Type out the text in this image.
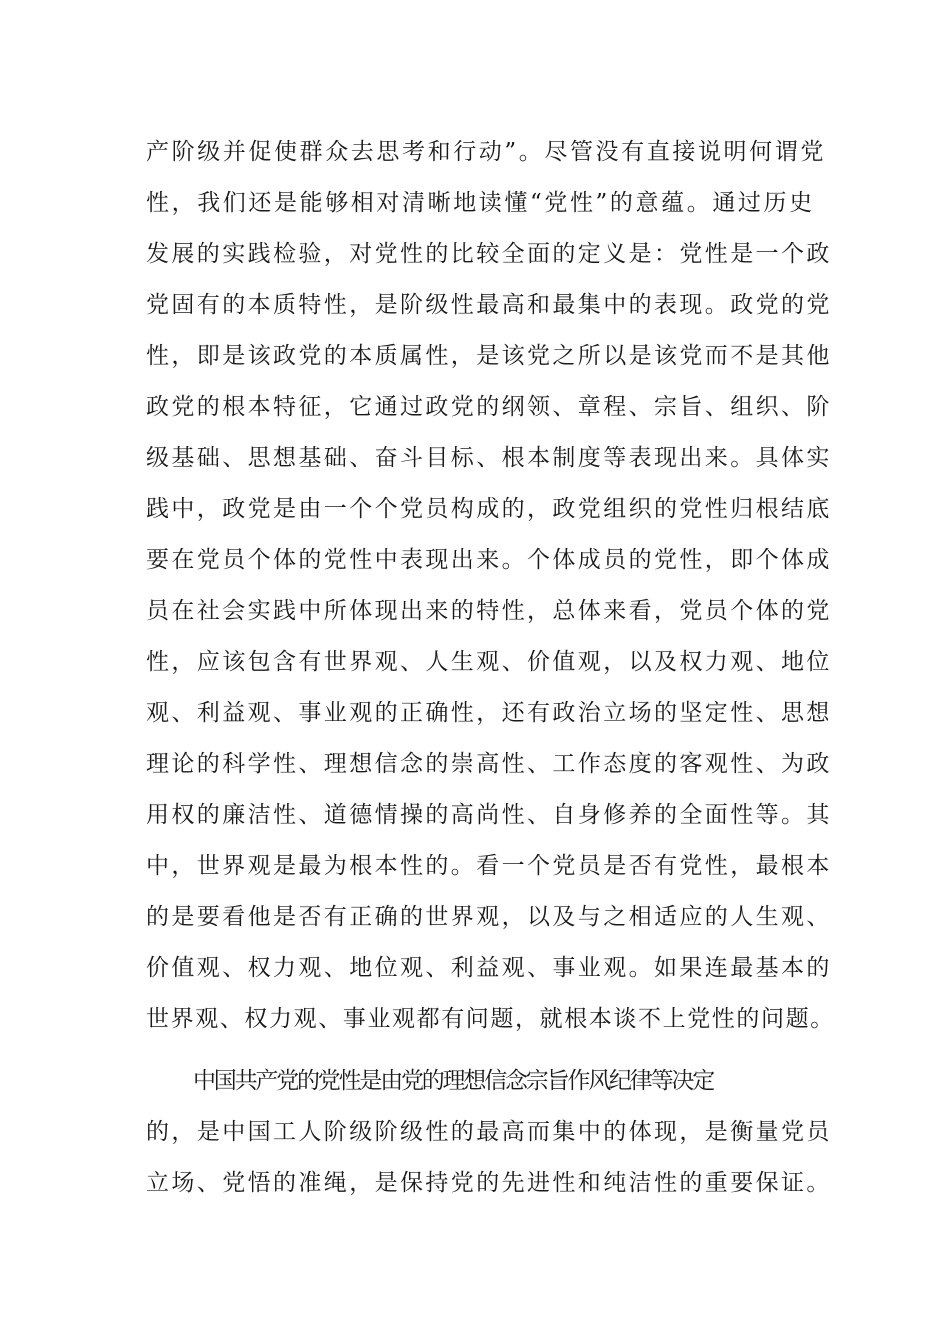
产阶级并促使群众去思考和行动”。尽管没有直接说明何谓党
性，我们还是能够相对清晰地读懂“党性”的意蕴。通过历史
发展的实践检验，对党性的比较全面的定义是：党性是一个政
党固有的本质特性，是阶级性最高和最集中的表现。政党的党
性，即是该政党的本质属性，是该党之所以是该党而不是其他
政党的根本特征，它通过政党的纲领、章程、宗旨、组织、阶
级基础、思想基础、奋斗目标、根本制度等表现出来。具体实
践中，政党是由一个个党员构成的，政党组织的党性归根结底
要在党员个体的党性中表现出来。个体成员的党性，即个体成
员在社会实践中所体现出来的特性，总体来看，党员个体的党
性，应该包含有世界观、人生观、价值观，以及权力观、地位
观、利益观、事业观的正确性，还有政治立场的坚定性、思想
理论的科学性、理想信念的崇高性、工作态度的客观性、为政
用权的廉洁性、道德情操的高尚性、自身修养的全面性等。其
中，世界观是最为根本性的。看一个党员是否有党性，最根本
的是要看他是否有正确的世界观，以及与之相适应的人生观、
价值观、权力观、地位观、利益观、事业观。如果连最基本的
世界观、权力观、事业观都有问题，就根本谈不上党性的问题。
中国共产党的党性是由党的理想信念宗旨作风纪律等决定
的，是中国工人阶级阶级性的最高而集中的体现，是衡量党员
立场、党悟的准绳，是保持党的先进性和纯洁性的重要保证。
